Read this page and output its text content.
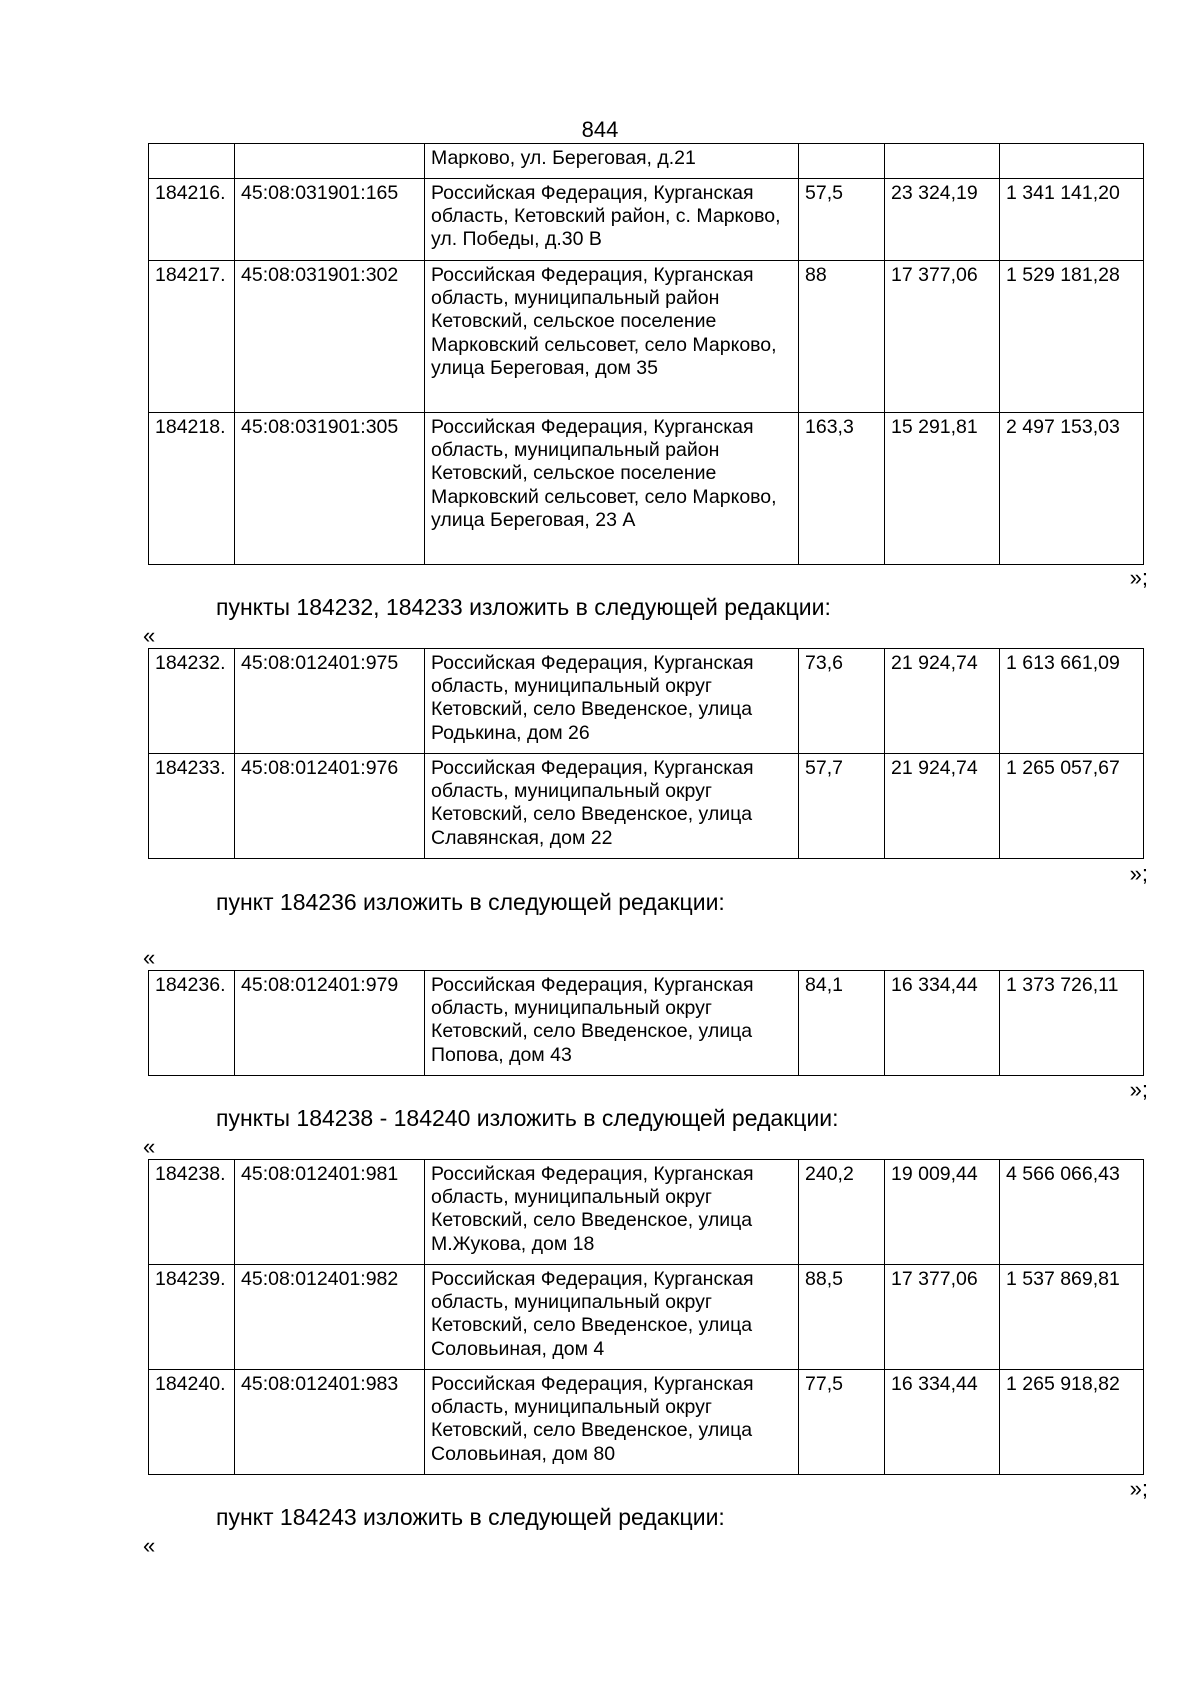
844
		Марково, ул. Береговая, д.21			
184216.	45:08:031901:165	Российская Федерация, Курганская область, Кетовский район, с. Марково, ул. Победы, д.30 В	57,5	23 324,19	1 341 141,20
184217.	45:08:031901:302	Российская Федерация, Курганская область, муниципальный район Кетовский, сельское поселение Марковский сельсовет, село Марково, улица Береговая, дом 35	88	17 377,06	1 529 181,28
184218.	45:08:031901:305	Российская Федерация, Курганская область, муниципальный район Кетовский, сельское поселение Марковский сельсовет, село Марково, улица Береговая, 23 А	163,3	15 291,81	2 497 153,03
»;
пункты 184232, 184233 изложить в следующей редакции:
«
184232.	45:08:012401:975	Российская Федерация, Курганская область, муниципальный округ Кетовский, село Введенское, улица Родькина, дом 26	73,6	21 924,74	1 613 661,09
184233.	45:08:012401:976	Российская Федерация, Курганская область, муниципальный округ Кетовский, село Введенское, улица Славянская, дом 22	57,7	21 924,74	1 265 057,67
»;
пункт 184236 изложить в следующей редакции:
«
184236.	45:08:012401:979	Российская Федерация, Курганская область, муниципальный округ Кетовский, село Введенское, улица Попова, дом 43	84,1	16 334,44	1 373 726,11
»;
пункты 184238 - 184240 изложить в следующей редакции:
«
184238.	45:08:012401:981	Российская Федерация, Курганская область, муниципальный округ Кетовский, село Введенское, улица М.Жукова, дом 18	240,2	19 009,44	4 566 066,43
184239.	45:08:012401:982	Российская Федерация, Курганская область, муниципальный округ Кетовский, село Введенское, улица Соловьиная, дом 4	88,5	17 377,06	1 537 869,81
184240.	45:08:012401:983	Российская Федерация, Курганская область, муниципальный округ Кетовский, село Введенское, улица Соловьиная, дом 80	77,5	16 334,44	1 265 918,82
»;
пункт 184243 изложить в следующей редакции:
«
